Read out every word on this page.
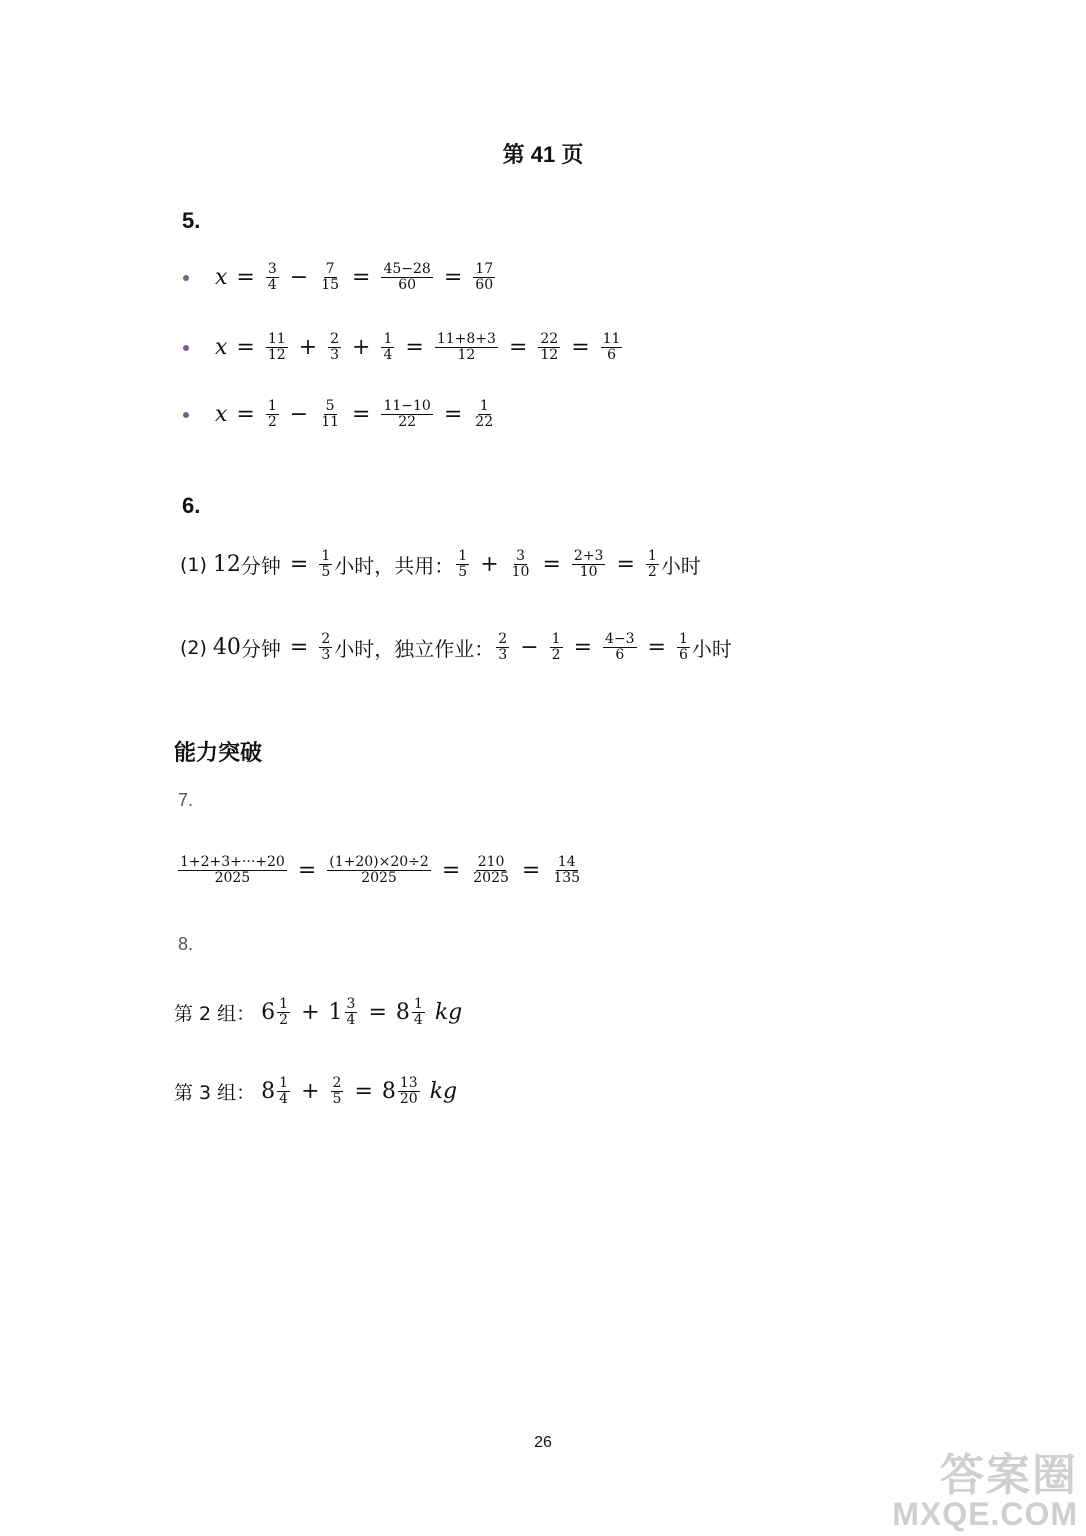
第 41 页
5.
$x = \frac{3}{4} - \frac{7}{15} = \frac{45-28}{60} = \frac{17}{60}$
$x = \frac{11}{12} + \frac{2}{3} + \frac{1}{4} = \frac{11+8+3}{12} = \frac{22}{12} = \frac{11}{6}$
$x = \frac{1}{2} - \frac{5}{11} = \frac{11-10}{22} = \frac{1}{22}$
6.
(1) 12 分钟 = $\frac{1}{5}$ 小时 ，共用： $\frac{1}{5} + \frac{3}{10} = \frac{2+3}{10} = \frac{1}{2}$ 小时
(2) 40 分钟 = $\frac{2}{3}$ 小时 ，独立作业： $\frac{2}{3} - \frac{1}{2} = \frac{4-3}{6} = \frac{1}{6}$ 小时
能力突破
7.
$\frac{1+2+3+\cdot\cdot\cdot+20}{2025} = \frac{(1+20)\times 20\div 2}{2025} = \frac{210}{2025} = \frac{14}{135}$
8.
第 2 组： $6 \frac{1}{2} + 1 \frac{3}{4} = 8 \frac{1}{4}$ kg
第 3 组： $8 \frac{1}{4} + \frac{2}{5} = 8 \frac{13}{20}$ kg
26
答案圈
MXQE.COM
